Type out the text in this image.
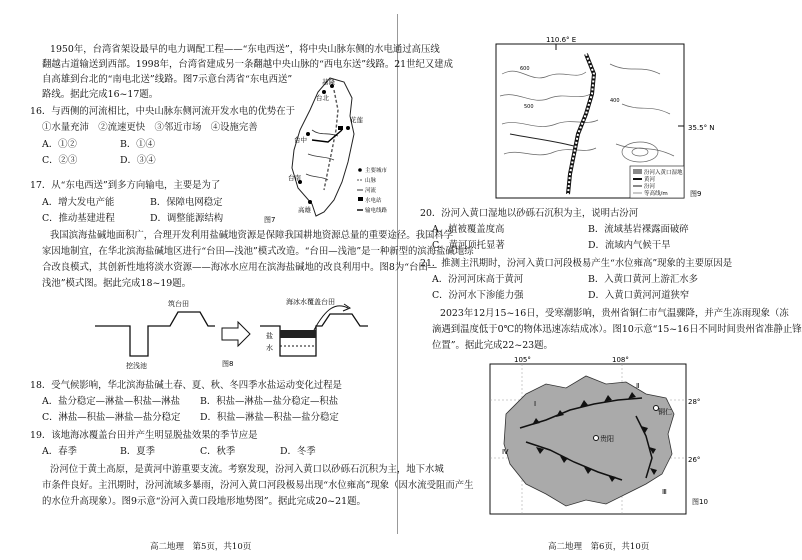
1950年，台湾省架设最早的电力调配工程——“东电西送”，将中央山脉东侧的水电通过高压线
翻越古道输送到西部。1998年，台湾省建成另一条翻越中央山脉的“西电东送”线路。21世纪又建成
自高雄到台北的“南电北送”线路。图7示意台湾省“东电西送”
路线。据此完成16~17题。
16．与西侧的河流相比，中央山脉东侧河流开发水电的优势在于
①水量充沛　②流速更快　③邻近市场　④设施完善
A．①②	B．①④
C．②③	D．③④
17．从“东电西送”到多方向输电，主要是为了
A．增大发电产能	B．保障电网稳定
C．推动基建进程	D．调整能源结构
基隆
台北
台中
台南
高雄
花莲
主要城市
山脉
河流
水电站
输电线路
图7
我国滨海盐碱地面积广，合理开发利用盐碱地资源是保障我国耕地资源总量的重要途径。我国科学
家因地制宜，在华北滨海盐碱地区进行“台田—浅池”模式改造。“台田—浅池”是一种新型的滨海盐碱地综
合改良模式，其创新性地将淡水资源——海冰水应用在滨海盐碱地的改良利用中。图8为“台田—
浅池”模式图。据此完成18~19题。
筑台田
挖浅池
盐
水
海冰水覆盖台田
图8
18．受气候影响，华北滨海盐碱土春、夏、秋、冬四季水盐运动变化过程是
A．盐分稳定—淋盐—积盐—淋盐 B．积盐—淋盐—盐分稳定—积盐
C．淋盐—积盐—淋盐—盐分稳定 D．积盐—淋盐—积盐—盐分稳定
19．该地海冰覆盖台田并产生明显脱盐效果的季节应是
A．春季	B．夏季	C．秋季	D．冬季
汾河位于黄土高原，是黄河中游重要支流。考察发现，汾河入黄口以砂砾石沉积为主，地下水城
市条件良好。主汛期时，汾河流域多暴雨，汾河入黄口河段极易出现“水位雍高”现象（因水流受阻而产生
的水位升高现象）。图9示意“汾河入黄口段地形地势图”。据此完成20~21题。
高二地理　第5页，共10页
110.6° E
35.5° N
汾河入黄口湿地
黄河
汾河
等高线/m
600
500
400
图9
20．汾河入黄口湿地以砂砾石沉积为主，说明古汾河
A．植被覆盖度高	B．流域基岩裸露面破碎
C．黄河顶托显著	D．流域内气候干旱
21．推测主汛期时，汾河入黄口河段极易产生“水位雍高”现象的主要原因是
A．汾河河床高于黄河	B．入黄口黄河上游汇水多
C．汾河水下渗能力强	D．入黄口黄河河道狭窄
2023年12月15~16日，受寒潮影响，贵州省铜仁市气温骤降，并产生冻雨现象（冻
滴遇到温度低于0℃的物体迅速冻结成冰）。图10示意“15~16日不同时间贵州省准静止锋
位置”。据此完成22~23题。
105°	108°
28°
26°
贵阳
铜仁
Ⅰ
Ⅱ
Ⅲ
Ⅳ
图10
高二地理　第6页，共10页
